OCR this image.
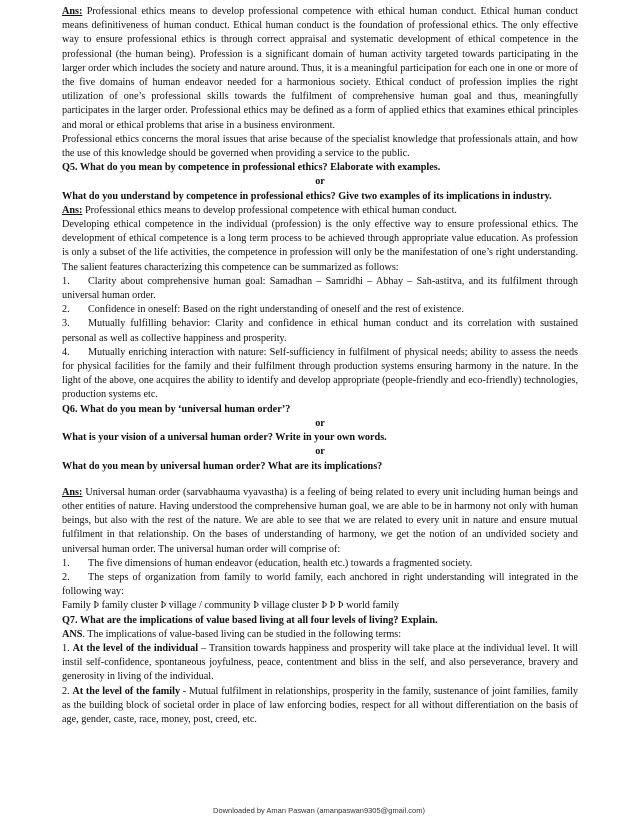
Ans: Professional ethics means to develop professional competence with ethical human conduct. Ethical human conduct means definitiveness of human conduct. Ethical human conduct is the foundation of professional ethics. The only effective way to ensure professional ethics is through correct appraisal and systematic development of ethical competence in the professional (the human being). Profession is a significant domain of human activity targeted towards participating in the larger order which includes the society and nature around. Thus, it is a meaningful participation for each one in one or more of the five domains of human endeavor needed for a harmonious society. Ethical conduct of profession implies the right utilization of one’s professional skills towards the fulfilment of comprehensive human goal and thus, meaningfully participates in the larger order. Professional ethics may be defined as a form of applied ethics that examines ethical principles and moral or ethical problems that arise in a business environment.

Professional ethics concerns the moral issues that arise because of the specialist knowledge that professionals attain, and how the use of this knowledge should be governed when providing a service to the public.

Q5. What do you mean by competence in professional ethics? Elaborate with examples.

or

What do you understand by competence in professional ethics? Give two examples of its implications in industry.

Ans: Professional ethics means to develop professional competence with ethical human conduct.

Developing ethical competence in the individual (profession) is the only effective way to ensure professional ethics. The development of ethical competence is a long term process to be achieved through appropriate value education. As profession is only a subset of the life activities, the competence in profession will only be the manifestation of one’s right understanding. The salient features characterizing this competence can be summarized as follows:

1. Clarity about comprehensive human goal: Samadhan – Samridhi – Abhay – Sah-astitva, and its fulfilment through universal human order.

2. Confidence in oneself: Based on the right understanding of oneself and the rest of existence.

3. Mutually fulfilling behavior: Clarity and confidence in ethical human conduct and its correlation with sustained personal as well as collective happiness and prosperity.

4. Mutually enriching interaction with nature: Self-sufficiency in fulfilment of physical needs; ability to assess the needs for physical facilities for the family and their fulfilment through production systems ensuring harmony in the nature. In the light of the above, one acquires the ability to identify and develop appropriate (people-friendly and eco-friendly) technologies, production systems etc.

Q6. What do you mean by ‘universal human order’?

or

What is your vision of a universal human order? Write in your own words.

or

What do you mean by universal human order? What are its implications?

Ans: Universal human order (sarvabhauma vyavastha) is a feeling of being related to every unit including human beings and other entities of nature. Having understood the comprehensive human goal, we are able to be in harmony not only with human beings, but also with the rest of the nature. We are able to see that we are related to every unit in nature and ensure mutual fulfilment in that relationship. On the bases of understanding of harmony, we get the notion of an undivided society and universal human order. The universal human order will comprise of:

1. The five dimensions of human endeavor (education, health etc.) towards a fragmented society.

2. The steps of organization from family to world family, each anchored in right understanding will integrated in the following way:

Family Þ family cluster Þ village / community Þ village cluster Þ Þ Þ world family

Q7. What are the implications of value based living at all four levels of living? Explain.

ANS. The implications of value-based living can be studied in the following terms:

1. At the level of the individual – Transition towards happiness and prosperity will take place at the individual level. It will instil self-confidence, spontaneous joyfulness, peace, contentment and bliss in the self, and also perseverance, bravery and generosity in living of the individual.

2. At the level of the family - Mutual fulfilment in relationships, prosperity in the family, sustenance of joint families, family as the building block of societal order in place of law enforcing bodies, respect for all without differentiation on the basis of age, gender, caste, race, money, post, creed, etc.

Downloaded by Aman Paswan (amanpaswan9305@gmail.com)
